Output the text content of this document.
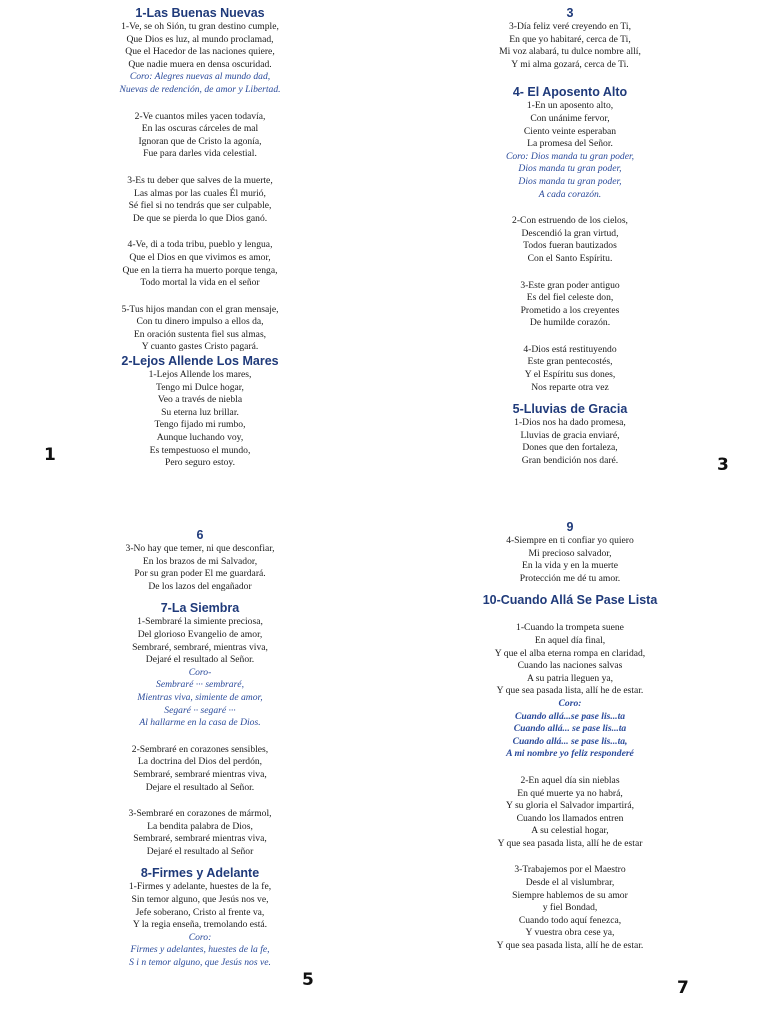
1-Las Buenas Nuevas
1-Ve, se oh Sión, tu gran destino cumple,
Que Dios es luz, al mundo proclamad,
Que el Hacedor de las naciones quiere,
Que nadie muera en densa oscuridad.
Coro: Alegres nuevas al mundo dad,
Nuevas de redención, de amor y Libertad.
2-Ve cuantos miles yacen todavía,
En las oscuras cárceles de mal
Ignoran que de Cristo la agonía,
Fue para darles vida celestial.
3-Es tu deber que salves de la muerte,
Las almas por las cuales Él murió,
Sé fiel si no tendrás que ser culpable,
De que se pierda lo que Dios ganó.
4-Ve, di a toda tribu, pueblo y lengua,
Que el Dios en que vivimos es amor,
Que en la tierra ha muerto porque tenga,
Todo mortal la vida en el señor
5-Tus hijos mandan con el gran mensaje,
Con tu dinero impulso a ellos da,
En oración sustenta fiel sus almas,
Y cuanto gastes Cristo pagará.
2-Lejos Allende Los Mares
1-Lejos Allende los mares,
Tengo mi Dulce hogar,
Veo a través de niebla
Su eterna luz brillar.
Tengo fijado mi rumbo,
Aunque luchando voy,
Es tempestuoso el mundo,
Pero seguro estoy.
1
3
3-Día feliz veré creyendo en Ti,
En que yo habitaré, cerca de Ti,
Mi voz alabará, tu dulce nombre allí,
Y mi alma gozará, cerca de Ti.
4- El Aposento Alto
1-En un aposento alto,
Con unánime fervor,
Ciento veinte esperaban
La promesa del Señor.
Coro: Dios manda tu gran poder,
Dios manda tu gran poder,
Dios manda tu gran poder,
A cada corazón.
2-Con estruendo de los cielos,
Descendió la gran virtud,
Todos fueran bautizados
Con el Santo Espíritu.
3-Este gran poder antiguo
Es del fiel celeste don,
Prometido a los creyentes
De humilde corazón.
4-Dios está restituyendo
Este gran pentecostés,
Y el Espíritu sus dones,
Nos reparte otra vez
5-Lluvias de Gracia
1-Dios nos ha dado promesa,
Lluvias de gracia enviaré,
Dones que den fortaleza,
Gran bendición nos daré.	3
6
3-No hay que temer, ni que desconfiar,
En los brazos de mi Salvador,
Por su gran poder El me guardará.
De los lazos del engañador
7-La Siembra
1-Sembraré la simiente preciosa,
Del glorioso Evangelio de amor,
Sembraré, sembraré, mientras viva,
Dejaré el resultado al Señor.
Coro-
Sembraré ··· sembraré,
Mientras viva, simiente de amor,
Segaré ·· segaré ···
Al hallarme en la casa de Dios.
2-Sembraré en corazones sensibles,
La doctrina del Dios del perdón,
Sembraré, sembraré mientras viva,
Dejare el resultado al Señor.
3-Sembraré en corazones de mármol,
La bendita palabra de Dios,
Sembraré, sembraré mientras viva,
Dejaré el resultado al Señor
8-Firmes y Adelante
1-Firmes y adelante, huestes de la fe,
Sin temor alguno, que Jesús nos ve,
Jefe soberano, Cristo al frente va,
Y la regia enseña, tremolando está.
Coro:
Firmes y adelantes, huestes de la fe,
S i n temor alguno, que Jesús nos ve.
5
9
4-Siempre en ti confiar yo quiero
Mi precioso salvador,
En la vida y en la muerte
Protección me dé tu amor.
10-Cuando Allá Se Pase Lista
1-Cuando la trompeta suene
En aquel día final,
Y que el alba eterna rompa en claridad,
Cuando las naciones salvas
A su patria lleguen ya,
Y que sea pasada lista, allí he de estar.
Coro:
Cuando allá...se pase lis...ta
Cuando allá... se pase lis...ta
Cuando allá... se pase lis...ta,
A mi nombre yo feliz responderé
2-En aquel día sin nieblas
En qué muerte ya no habrá,
Y su gloria el Salvador impartirá,
Cuando los llamados entren
A su celestial hogar,
Y que sea pasada lista, allí he de estar
3-Trabajemos por el Maestro
Desde el al vislumbrar,
Siempre hablemos de su amor
y fiel Bondad,
Cuando todo aquí fenezca,
Y vuestra obra cese ya,
Y que sea pasada lista, allí he de estar.
7
